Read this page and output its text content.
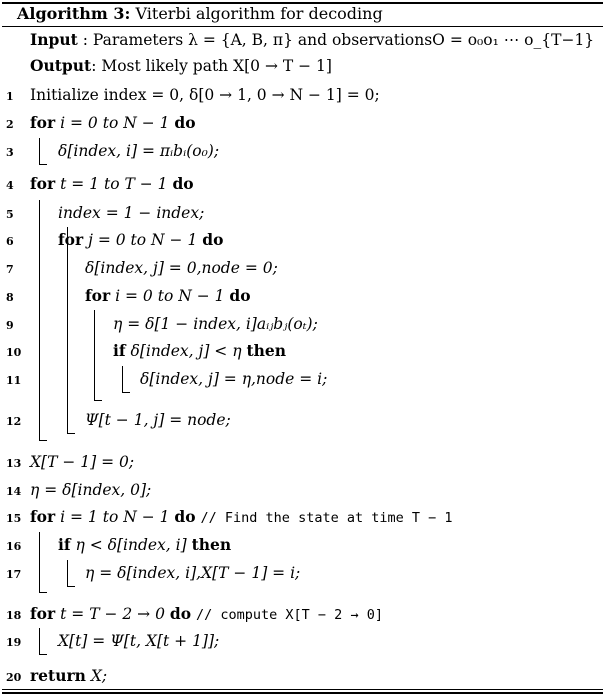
Algorithm 3: Viterbi algorithm for decoding
Input : Parameters λ = {A, B, π} and observationsO = o₀o₁ ⋯ o_{T−1}
Output: Most likely path X[0 → T − 1]
1
2
3
4
5
6
7
8
9
10
11
12
13
14
15
16
17
18
19
20
Initialize index = 0, δ[0 → 1, 0 → N − 1] = 0;
for i = 0 to N − 1 do
δ[index, i] = πᵢbᵢ(o₀);
for t = 1 to T − 1 do
index = 1 − index;
for j = 0 to N − 1 do
δ[index, j] = 0,node = 0;
for i = 0 to N − 1 do
η = δ[1 − index, i]aᵢⱼbⱼ(oₜ);
if δ[index, j] < η then
δ[index, j] = η,node = i;
Ψ[t − 1, j] = node;
X[T − 1] = 0;
η = δ[index, 0];
for i = 1 to N − 1 do // Find the state at time T − 1
if η < δ[index, i] then
η = δ[index, i],X[T − 1] = i;
for t = T − 2 → 0 do // compute X[T − 2 → 0]
X[t] = Ψ[t, X[t + 1]];
return X;
